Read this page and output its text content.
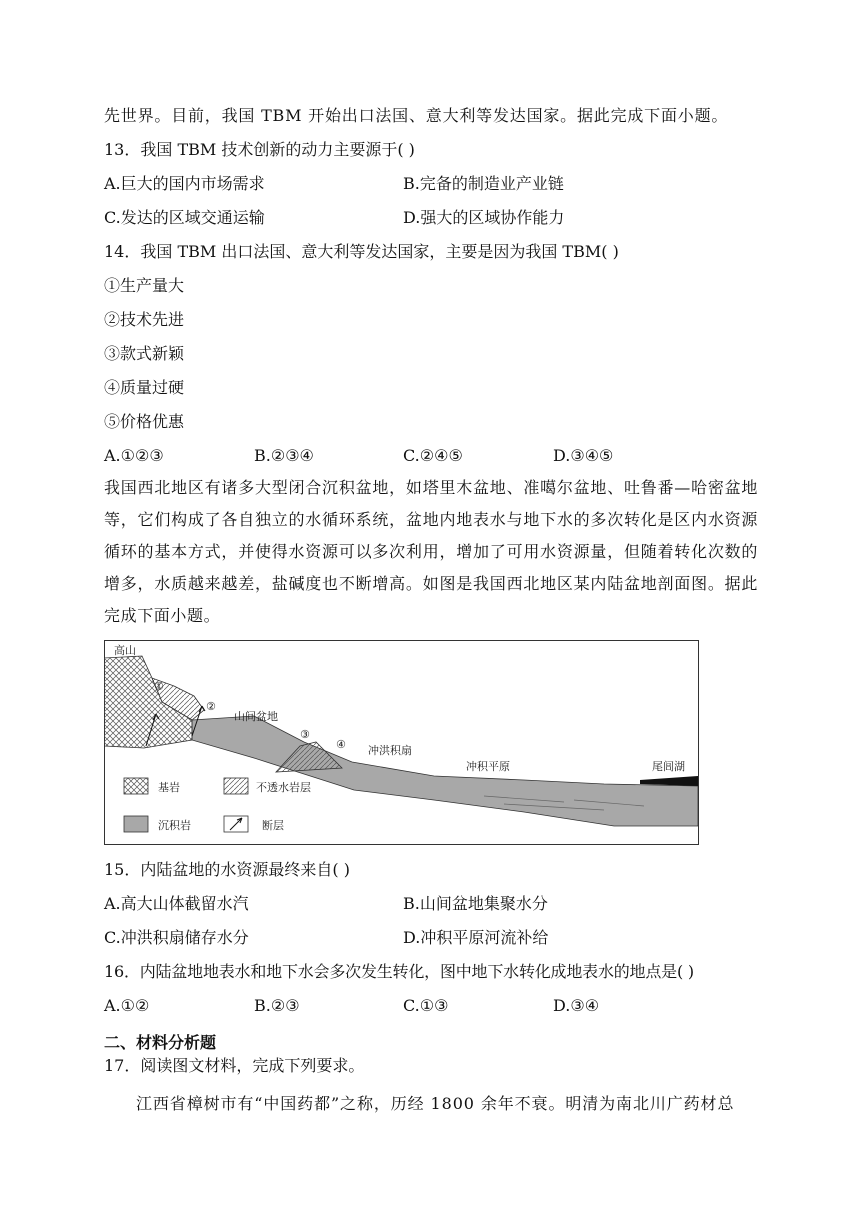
先世界。目前，我国 TBM 开始出口法国、意大利等发达国家。据此完成下面小题。
13．我国 TBM 技术创新的动力主要源于( )
A.巨大的国内市场需求	B.完备的制造业产业链
C.发达的区域交通运输	D.强大的区域协作能力
14．我国 TBM 出口法国、意大利等发达国家，主要是因为我国 TBM( )
①生产量大
②技术先进
③款式新颖
④质量过硬
⑤价格优惠
A.①②③	B.②③④	C.②④⑤	D.③④⑤
我国西北地区有诸多大型闭合沉积盆地，如塔里木盆地、准噶尔盆地、吐鲁番—哈密盆地等，它们构成了各自独立的水循环系统，盆地内地表水与地下水的多次转化是区内水资源循环的基本方式，并使得水资源可以多次利用，增加了可用水资源量，但随着转化次数的增多，水质越来越差，盐碱度也不断增高。如图是我国西北地区某内陆盆地剖面图。据此完成下面小题。
高山
山间盆地
冲洪积扇
冲积平原	尾闾湖
①
②
③
④
基岩	不透水岩层
沉积岩	断层
15．内陆盆地的水资源最终来自( )
A.高大山体截留水汽	B.山间盆地集聚水分
C.冲洪积扇储存水分	D.冲积平原河流补给
16．内陆盆地地表水和地下水会多次发生转化，图中地下水转化成地表水的地点是( )
A.①②	B.②③	C.①③	D.③④
二、材料分析题
17．阅读图文材料，完成下列要求。
江西省樟树市有“中国药都”之称，历经 1800 余年不衰。明清为南北川广药材总
